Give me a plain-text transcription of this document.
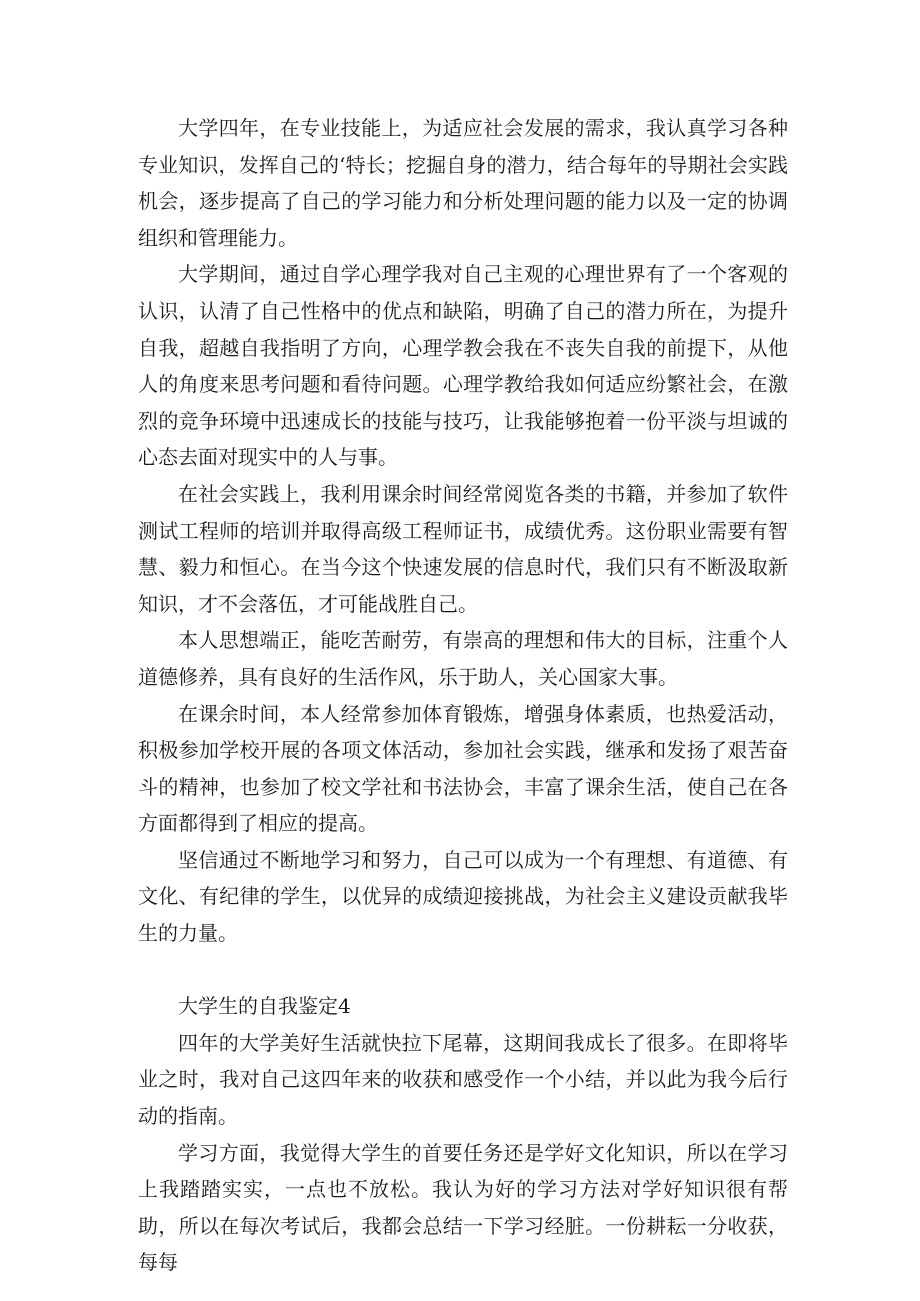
大学四年，在专业技能上，为适应社会发展的需求，我认真学习各种专业知识，发挥自己的‘特长；挖掘自身的潜力，结合每年的导期社会实践机会，逐步提高了自己的学习能力和分析处理问题的能力以及一定的协调组织和管理能力。

大学期间，通过自学心理学我对自己主观的心理世界有了一个客观的认识，认清了自己性格中的优点和缺陷，明确了自己的潜力所在，为提升自我，超越自我指明了方向，心理学教会我在不丧失自我的前提下，从他人的角度来思考问题和看待问题。心理学教给我如何适应纷繁社会，在激烈的竞争环境中迅速成长的技能与技巧，让我能够抱着一份平淡与坦诚的心态去面对现实中的人与事。

在社会实践上，我利用课余时间经常阅览各类的书籍，并参加了软件测试工程师的培训并取得高级工程师证书，成绩优秀。这份职业需要有智慧、毅力和恒心。在当今这个快速发展的信息时代，我们只有不断汲取新知识，才不会落伍，才可能战胜自己。

本人思想端正，能吃苦耐劳，有崇高的理想和伟大的目标，注重个人道德修养，具有良好的生活作风，乐于助人，关心国家大事。

在课余时间，本人经常参加体育锻炼，增强身体素质，也热爱活动，积极参加学校开展的各项文体活动，参加社会实践，继承和发扬了艰苦奋斗的精神，也参加了校文学社和书法协会，丰富了课余生活，使自己在各方面都得到了相应的提高。

坚信通过不断地学习和努力，自己可以成为一个有理想、有道德、有文化、有纪律的学生，以优异的成绩迎接挑战，为社会主义建设贡献我毕生的力量。

大学生的自我鉴定4

四年的大学美好生活就快拉下尾幕，这期间我成长了很多。在即将毕业之时，我对自己这四年来的收获和感受作一个小结，并以此为我今后行动的指南。

学习方面，我觉得大学生的首要任务还是学好文化知识，所以在学习上我踏踏实实，一点也不放松。我认为好的学习方法对学好知识很有帮助，所以在每次考试后，我都会总结一下学习经脏。一份耕耘一分收获，每每
